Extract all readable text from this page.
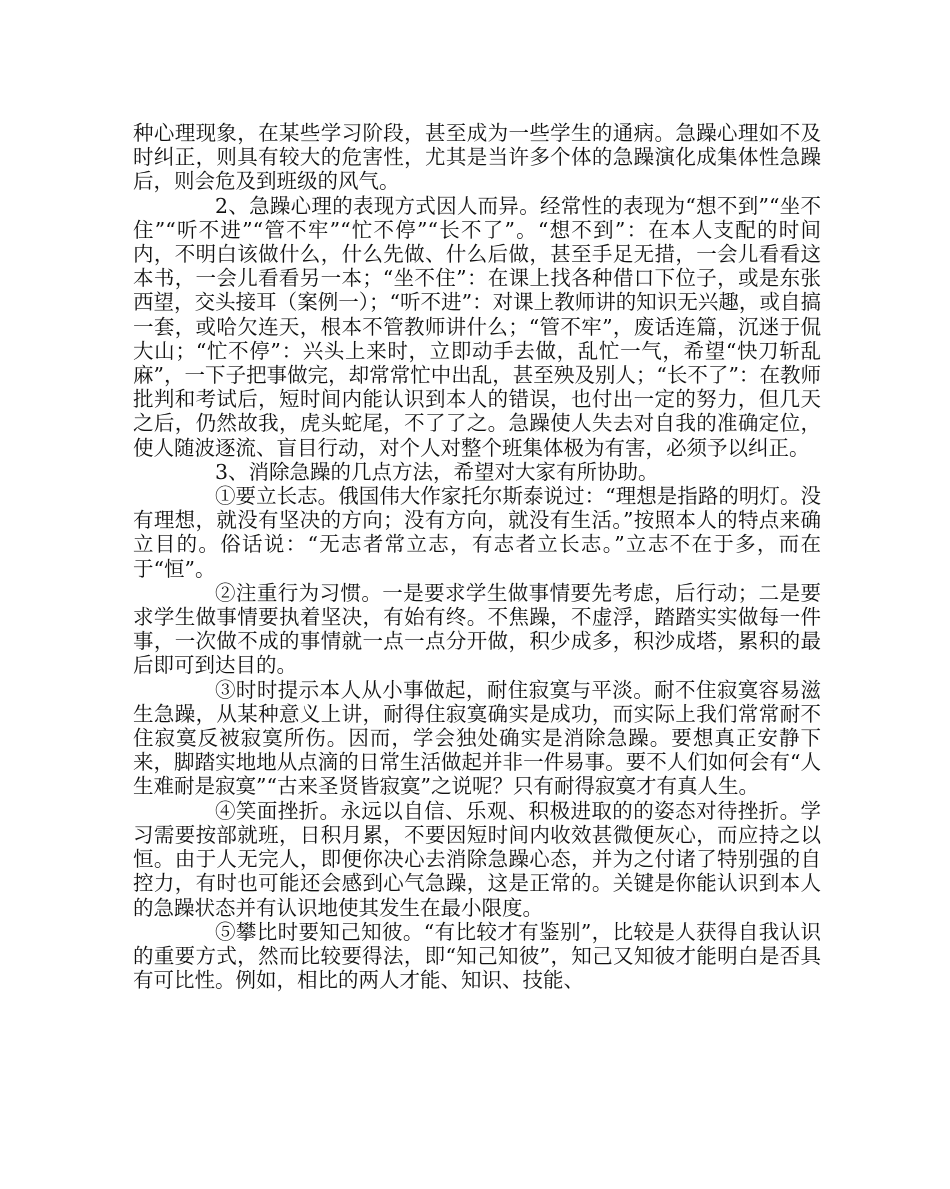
种心理现象，在某些学习阶段，甚至成为一些学生的通病。急躁心理如不及时纠正，则具有较大的危害性，尤其是当许多个体的急躁演化成集体性急躁后，则会危及到班级的风气。

2、急躁心理的表现方式因人而异。经常性的表现为“想不到”“坐不住”“听不进”“管不牢”“忙不停”“长不了”。“想不到”：在本人支配的时间内，不明白该做什么，什么先做、什么后做，甚至手足无措，一会儿看看这本书，一会儿看看另一本；“坐不住”：在课上找各种借口下位子，或是东张西望，交头接耳（案例一）；“听不进”：对课上教师讲的知识无兴趣，或自搞一套，或哈欠连天，根本不管教师讲什么；“管不牢”，废话连篇，沉迷于侃大山；“忙不停”：兴头上来时，立即动手去做，乱忙一气，希望“快刀斩乱麻”，一下子把事做完，却常常忙中出乱，甚至殃及别人；“长不了”：在教师批判和考试后，短时间内能认识到本人的错误，也付出一定的努力，但几天之后，仍然故我，虎头蛇尾，不了了之。急躁使人失去对自我的准确定位，使人随波逐流、盲目行动，对个人对整个班集体极为有害，必须予以纠正。

3、消除急躁的几点方法，希望对大家有所协助。

①要立长志。俄国伟大作家托尔斯泰说过：“理想是指路的明灯。没有理想，就没有坚决的方向；没有方向，就没有生活。”按照本人的特点来确立目的。俗话说：“无志者常立志，有志者立长志。”立志不在于多，而在于“恒”。

②注重行为习惯。一是要求学生做事情要先考虑，后行动；二是要求学生做事情要执着坚决，有始有终。不焦躁，不虚浮，踏踏实实做每一件事，一次做不成的事情就一点一点分开做，积少成多，积沙成塔，累积的最后即可到达目的。

③时时提示本人从小事做起，耐住寂寞与平淡。耐不住寂寞容易滋生急躁，从某种意义上讲，耐得住寂寞确实是成功，而实际上我们常常耐不住寂寞反被寂寞所伤。因而，学会独处确实是消除急躁。要想真正安静下来，脚踏实地地从点滴的日常生活做起并非一件易事。要不人们如何会有“人生难耐是寂寞”“古来圣贤皆寂寞”之说呢？只有耐得寂寞才有真人生。

④笑面挫折。永远以自信、乐观、积极进取的的姿态对待挫折。学习需要按部就班，日积月累，不要因短时间内收效甚微便灰心，而应持之以恒。由于人无完人，即便你决心去消除急躁心态，并为之付诸了特别强的自控力，有时也可能还会感到心气急躁，这是正常的。关键是你能认识到本人的急躁状态并有认识地使其发生在最小限度。

⑤攀比时要知己知彼。“有比较才有鉴别”，比较是人获得自我认识的重要方式，然而比较要得法，即“知己知彼”，知己又知彼才能明白是否具有可比性。例如，相比的两人才能、知识、技能、
